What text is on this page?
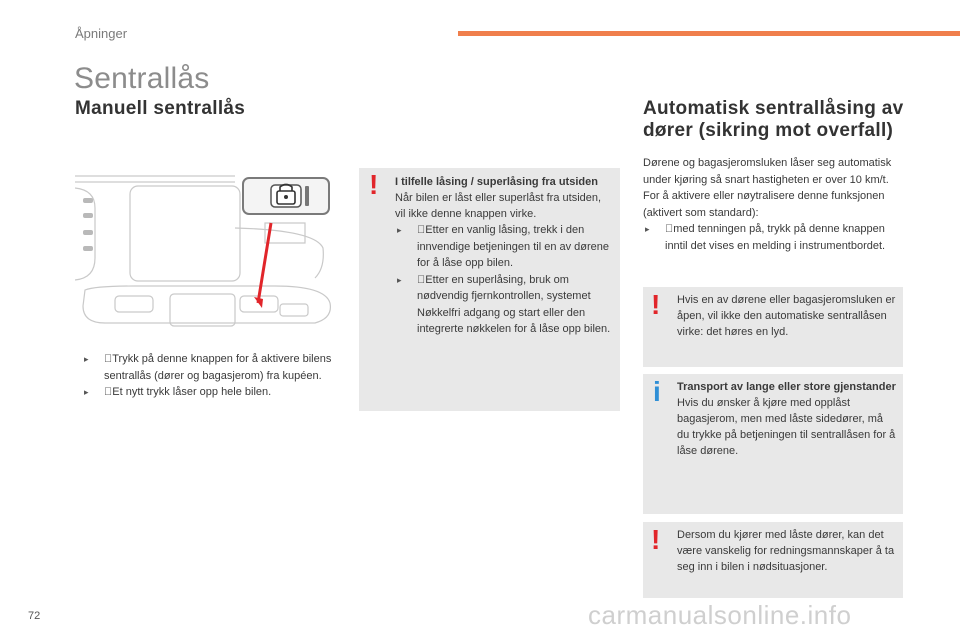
Åpninger
Sentrallås
Manuell sentrallås	Automatisk sentrallåsing av dører (sikring mot overfall)
▸ Trykk på denne knappen for å aktivere bilens sentrallås (dører og bagasjerom) fra kupéen.
▸ Et nytt trykk låser opp hele bilen.
! I tilfelle låsing / superlåsing fra utsiden
Når bilen er låst eller superlåst fra utsiden, vil ikke denne knappen virke.
▸ Etter en vanlig låsing, trekk i den innvendige betjeningen til en av dørene for å låse opp bilen.
▸ Etter en superlåsing, bruk om nødvendig fjernkontrollen, systemet Nøkkelfri adgang og start eller den integrerte nøkkelen for å låse opp bilen.

Dørene og bagasjeromsluken låser seg automatisk under kjøring så snart hastigheten er over 10 km/t.

For å aktivere eller nøytralisere denne funksjonen (aktivert som standard):

▸ med tenningen på, trykk på denne knappen inntil det vises en melding i instrumentbordet.
! Hvis en av dørene eller bagasjeromsluken er åpen, vil ikke den automatiske sentrallåsen virke: det høres en lyd.
i Transport av lange eller store gjenstander
Hvis du ønsker å kjøre med opplåst bagasjerom, men med låste sidedører, må du trykke på betjeningen til sentrallåsen for å låse dørene.
! Dersom du kjører med låste dører, kan det være vanskelig for redningsmannskaper å ta seg inn i bilen i nødsituasjoner.
72	carmanualsonline.info
